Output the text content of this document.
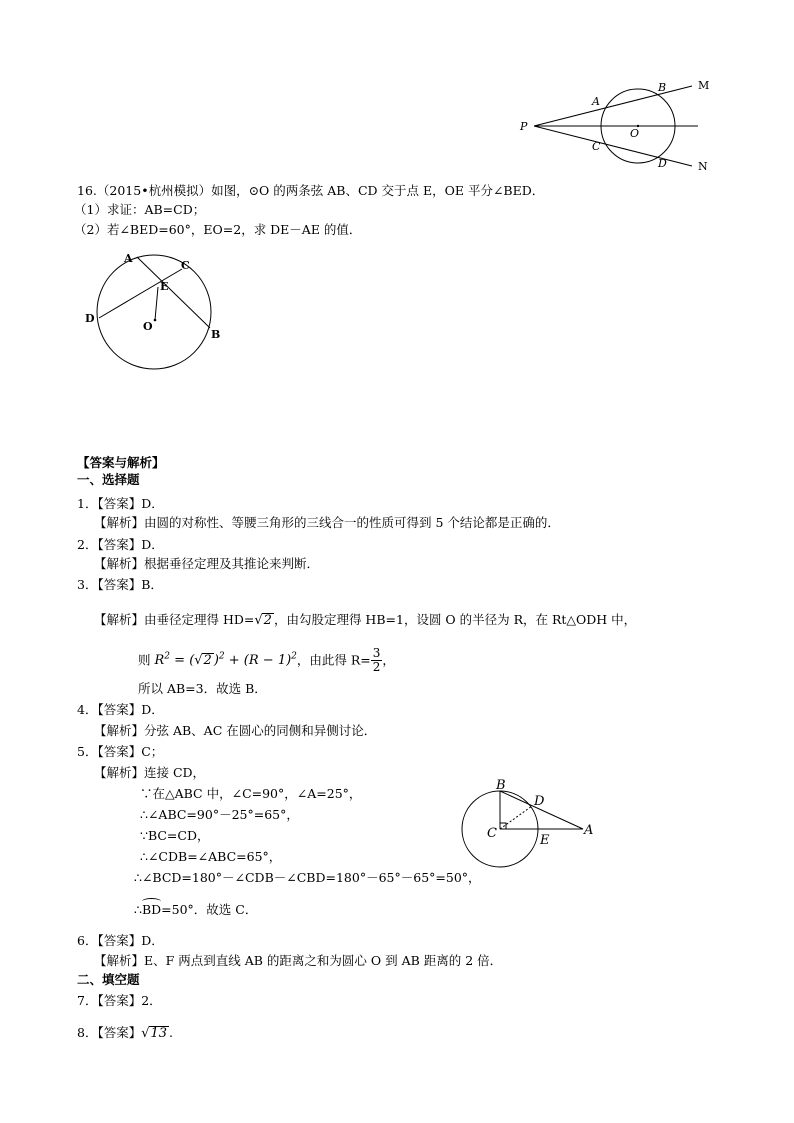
P
A
B	M
O
C
D	N
16.（2015•杭州模拟）如图，⊙O 的两条弦 AB、CD 交于点 E，OE 平分∠BED．
（1）求证：AB=CD；
（2）若∠BED=60°，EO=2，求 DE－AE 的值．
A
C
E
D
O
B
【答案与解析】
一、选择题
1．【答案】D．
【解析】由圆的对称性、等腰三角形的三线合一的性质可得到 5 个结论都是正确的．
2．【答案】D．
【解析】根据垂径定理及其推论来判断．
3．【答案】B．
【解析】由垂径定理得 HD=√2 ，由勾股定理得 HB=1，设圆 O 的半径为 R，在 Rt△ODH 中，
则 $R^2 = (√2$ )$^2 + (R - 1)^2$，由此得 $R= \frac{3}{2}$ ，
所以 AB=3．故选 B．
4．【答案】D．
【解析】分弦 AB、AC 在圆心的同侧和异侧讨论．
5．【答案】C；
【解析】连接 CD，
∵在△ABC 中，∠C=90°，∠A=25°，
∴∠ABC=90°－25°=65°，
∵BC=CD，
∴∠CDB=∠ABC=65°，
∴∠BCD=180°－∠CDB－∠CBD=180°－65°－65°=50°，
∴BD=50°．故选 C．
B
D
C	E
A
6．【答案】D．
【解析】E、F 两点到直线 AB 的距离之和为圆心 O 到 AB 距离的 2 倍．
二、填空题
7．【答案】2．
8．【答案】√13 .
